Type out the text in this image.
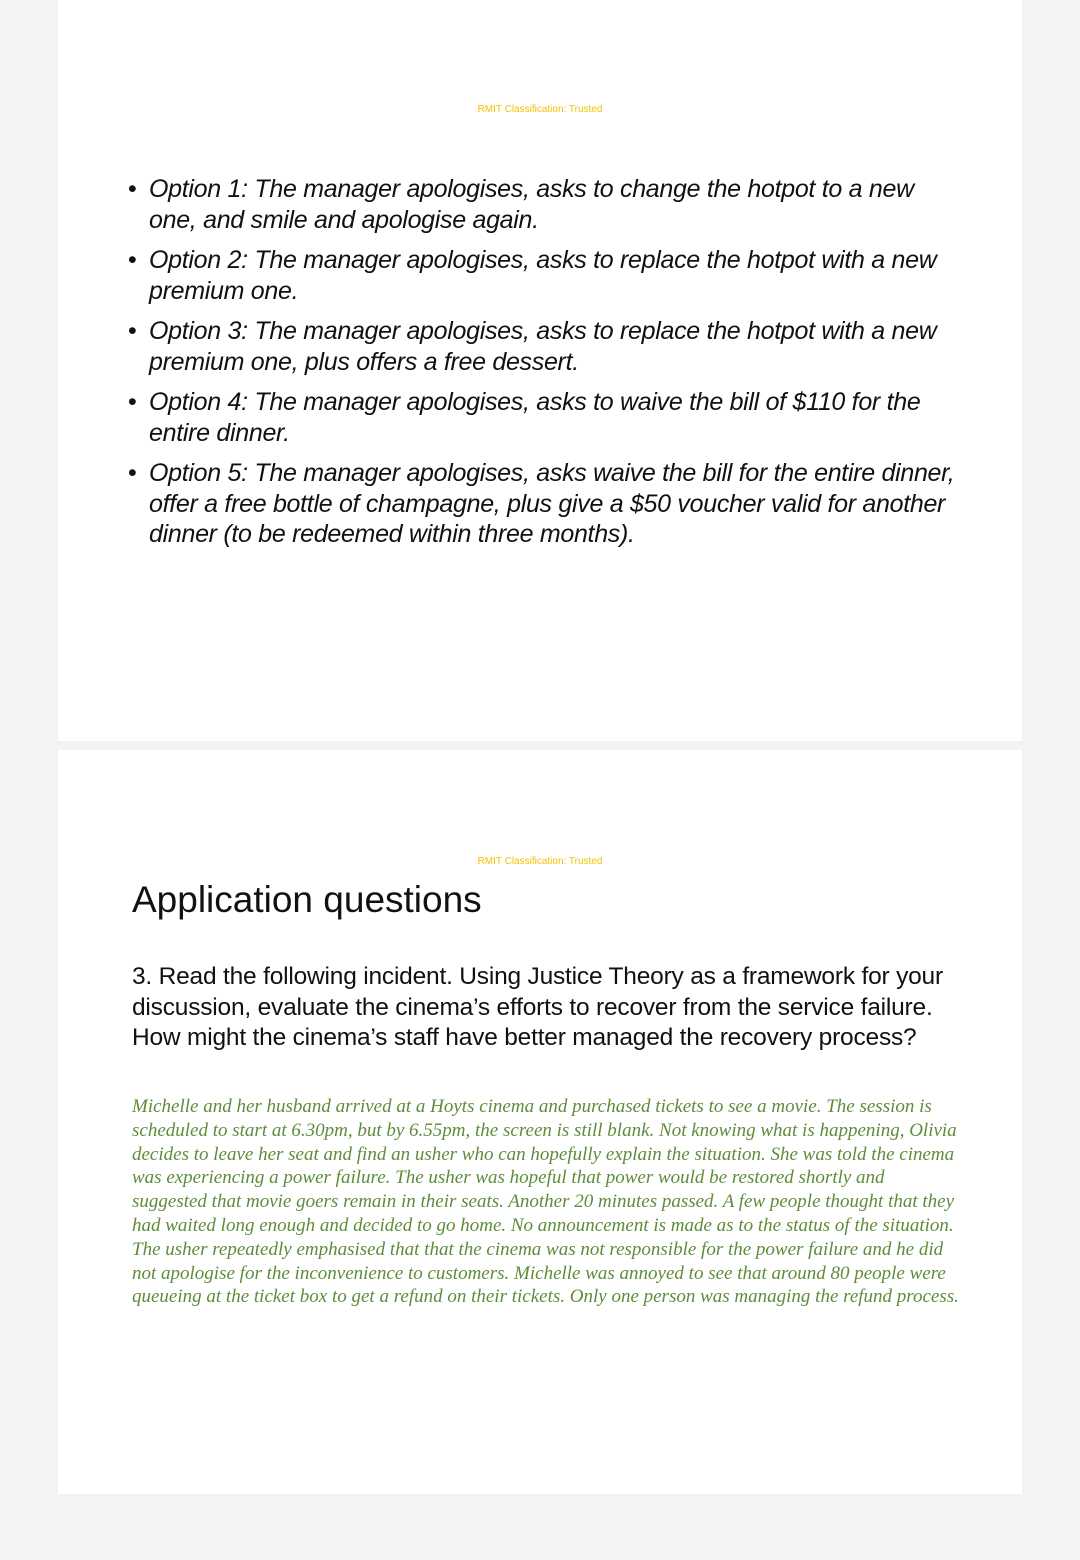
RMIT Classification: Trusted
• Option 1: The manager apologises, asks to change the hotpot to a new one, and smile and apologise again.
• Option 2: The manager apologises, asks to replace the hotpot with a new premium one.
• Option 3: The manager apologises, asks to replace the hotpot with a new premium one, plus offers a free dessert.
• Option 4: The manager apologises, asks to waive the bill of $110 for the entire dinner.
• Option 5: The manager apologises, asks waive the bill for the entire dinner, offer a free bottle of champagne, plus give a $50 voucher valid for another dinner (to be redeemed within three months).
RMIT Classification: Trusted
Application questions

3. Read the following incident. Using Justice Theory as a framework for your discussion, evaluate the cinema’s efforts to recover from the service failure. How might the cinema’s staff have better managed the recovery process?

Michelle and her husband arrived at a Hoyts cinema and purchased tickets to see a movie. The session is scheduled to start at 6.30pm, but by 6.55pm, the screen is still blank. Not knowing what is happening, Olivia decides to leave her seat and find an usher who can hopefully explain the situation. She was told the cinema was experiencing a power failure. The usher was hopeful that power would be restored shortly and suggested that movie goers remain in their seats. Another 20 minutes passed. A few people thought that they had waited long enough and decided to go home. No announcement is made as to the status of the situation. The usher repeatedly emphasised that that the cinema was not responsible for the power failure and he did not apologise for the inconvenience to customers. Michelle was annoyed to see that around 80 people were queueing at the ticket box to get a refund on their tickets. Only one person was managing the refund process.
